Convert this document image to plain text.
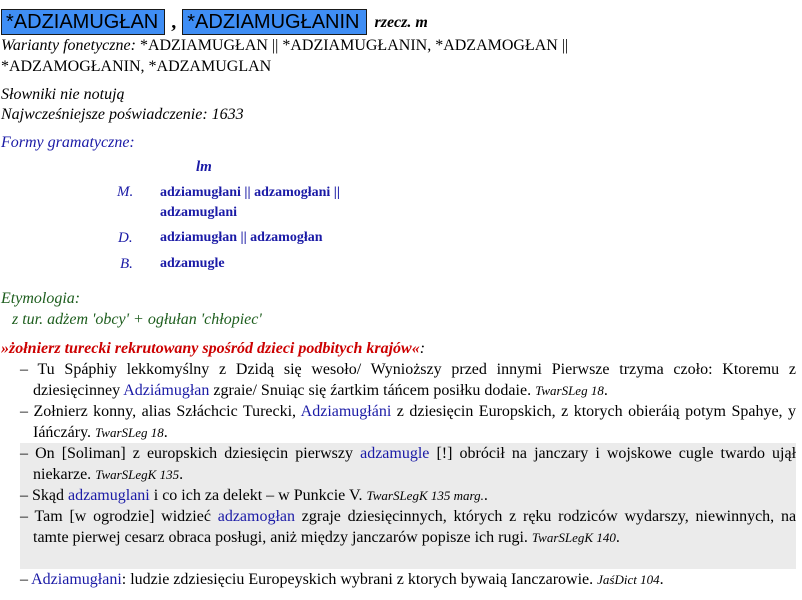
*ADZIAMUGŁAN , *ADZIAMUGŁANIN rzecz. m
Warianty fonetyczne: *ADZIAMUGŁAN || *ADZIAMUGŁANIN, *ADZAMOGŁAN ||
*ADZAMOGŁANIN, *ADZAMUGLAN
Słowniki nie notują
Najwcześniejsze poświadczenie: 1633
Formy gramatyczne:
lm
M. adziamugłani || adzamogłani ||
adzamuglani
D. adziamugłan || adzamogłan
B. adzamugle
Etymologia:
z tur. adżem 'obcy' + ogłułan 'chłopiec'
»żołnierz turecki rekrutowany spośród dzieci podbitych krajów«:
– Tu Spáphiy lekkomyślny z Dzidą się wesoło/ Wynioższy przed innymi Pierwsze trzyma czoło: Ktoremu z dziesięcinney Adziámugłan zgraie/ Snuiąc się źartkim táńcem posiłku dodaie. TwarSLeg 18.
– Zołnierz konny, alias Szłáchcic Turecki, Adziamugłáni z dziesięcin Europskich, z ktorych obieráią potym Spahye, y Iáńczáry. TwarSLeg 18.
– On [Soliman] z europskich dziesięcin pierwszy adzamugle [!] obrócił na janczary i wojskowe cugle twardo ujął niekarze. TwarSLegK 135.
– Skąd adzamuglani i co ich za delekt – w Punkcie V. TwarSLegK 135 marg..
– Tam [w ogrodzie] widzieć adzamogłan zgraje dziesięcinnych, których z ręku rodziców wydarszy, niewinnych, na tamte pierwej cesarz obraca posługi, aniż między janczarów popisze ich rugi. TwarSLegK 140.
– Adziamugłani: ludzie zdziesięciu Europeyskich wybrani z ktorych bywaią Ianczarowie. JaśDict 104.
